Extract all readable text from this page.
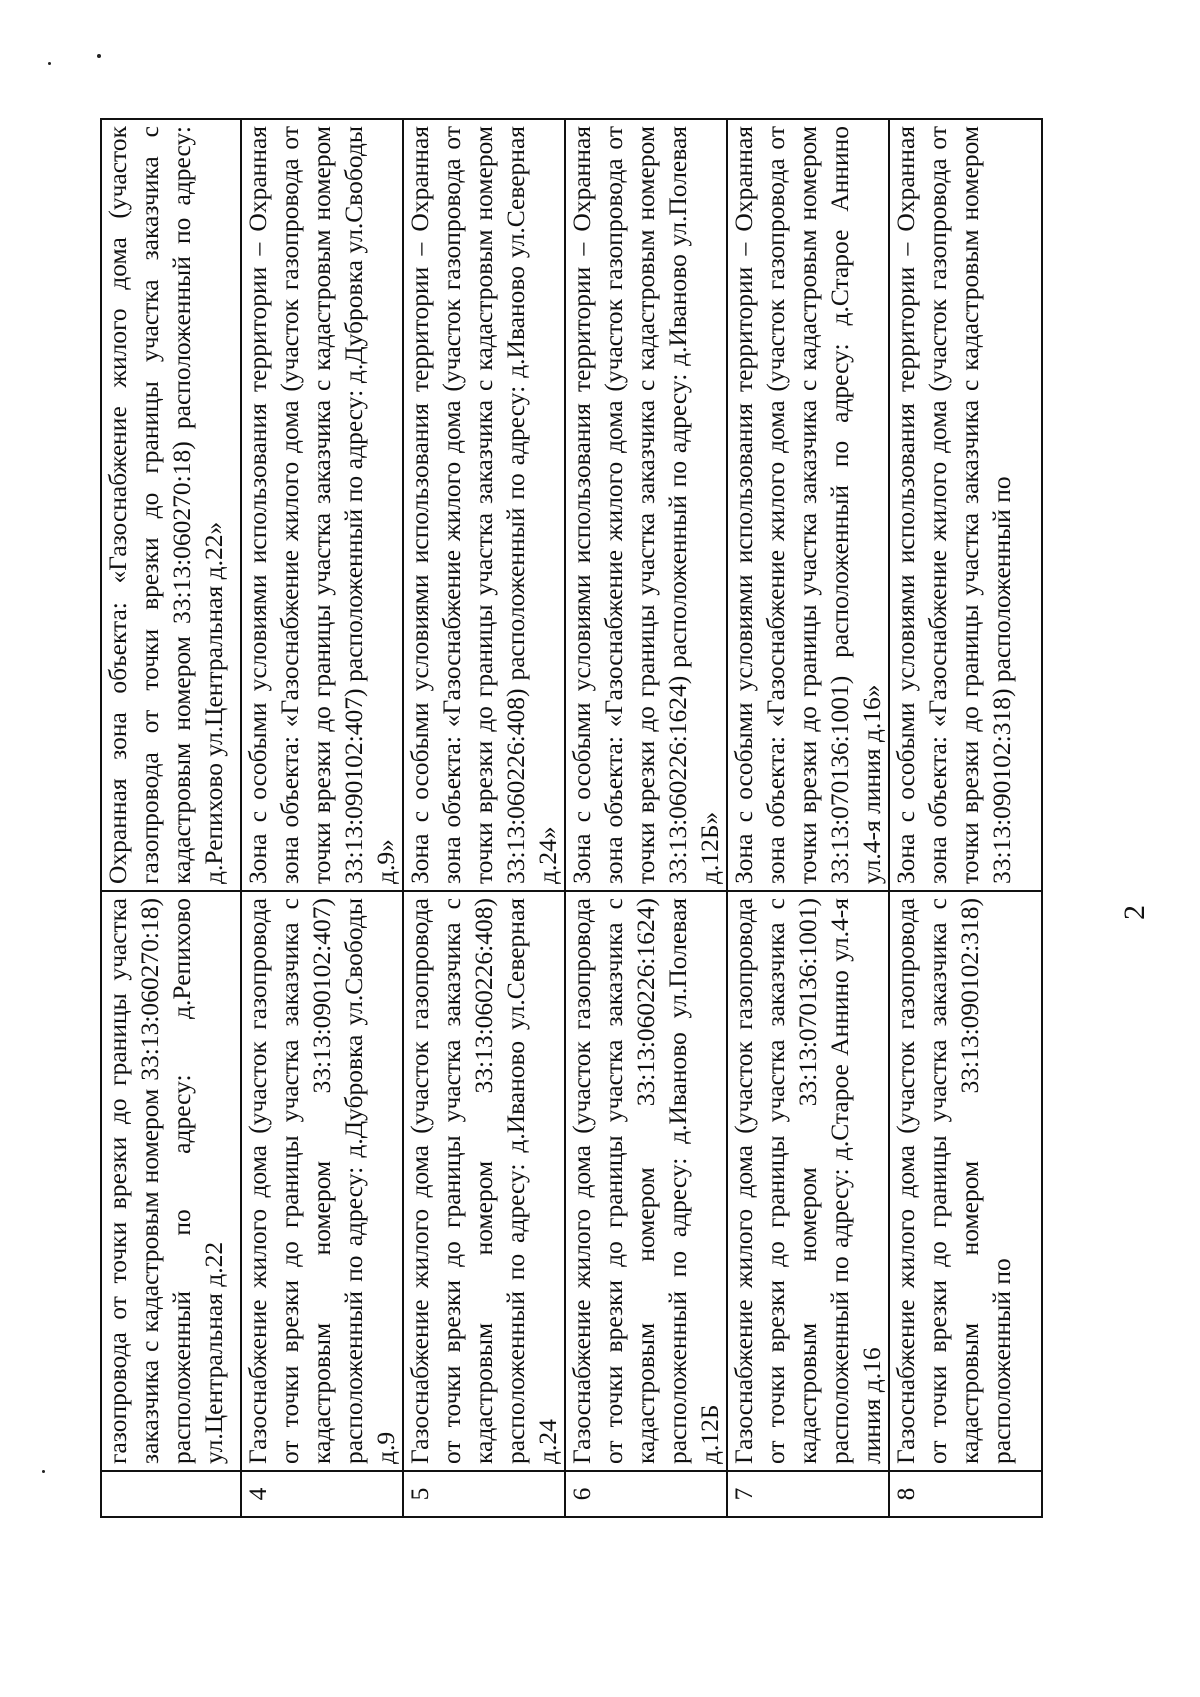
2
	газопровода от точки врезки до границы участка заказчика с кадастровым номером 33:13:060270:18) расположенный по адресу: д.Репихово ул.Центральная д.22	Охранная зона объекта: «Газоснабжение жилого дома (участок газопровода от точки врезки до границы участка заказчика с кадастровым номером 33:13:060270:18) расположенный по адресу: д.Репихово ул.Центральная д.22»
4	Газоснабжение жилого дома (участок газопровода от точки врезки до границы участка заказчика с кадастровым номером 33:13:090102:407) расположенный по адресу: д.Дубровка ул.Свободы д.9	Зона с особыми условиями использования территории – Охранная зона объекта: «Газоснабжение жилого дома (участок газопровода от точки врезки до границы участка заказчика с кадастровым номером 33:13:090102:407) расположенный по адресу: д.Дубровка ул.Свободы д.9»
5	Газоснабжение жилого дома (участок газопровода от точки врезки до границы участка заказчика с кадастровым номером 33:13:060226:408) расположенный по адресу: д.Иваново ул.Северная д.24	Зона с особыми условиями использования территории – Охранная зона объекта: «Газоснабжение жилого дома (участок газопровода от точки врезки до границы участка заказчика с кадастровым номером 33:13:060226:408) расположенный по адресу: д.Иваново ул.Северная д.24»
6	Газоснабжение жилого дома (участок газопровода от точки врезки до границы участка заказчика с кадастровым номером 33:13:060226:1624) расположенный по адресу: д.Иваново ул.Полевая д.12Б	Зона с особыми условиями использования территории – Охранная зона объекта: «Газоснабжение жилого дома (участок газопровода от точки врезки до границы участка заказчика с кадастровым номером 33:13:060226:1624) расположенный по адресу: д.Иваново ул.Полевая д.12Б»
7	Газоснабжение жилого дома (участок газопровода от точки врезки до границы участка заказчика с кадастровым номером 33:13:070136:1001) расположенный по адресу: д.Старое Аннино ул.4-я линия д.16	Зона с особыми условиями использования территории – Охранная зона объекта: «Газоснабжение жилого дома (участок газопровода от точки врезки до границы участка заказчика с кадастровым номером 33:13:070136:1001) расположенный по адресу: д.Старое Аннино ул.4-я линия д.16»
8	Газоснабжение жилого дома (участок газопровода от точки врезки до границы участка заказчика с кадастровым номером 33:13:090102:318) расположенный по	Зона с особыми условиями использования территории – Охранная зона объекта: «Газоснабжение жилого дома (участок газопровода от точки врезки до границы участка заказчика с кадастровым номером 33:13:090102:318) расположенный по
